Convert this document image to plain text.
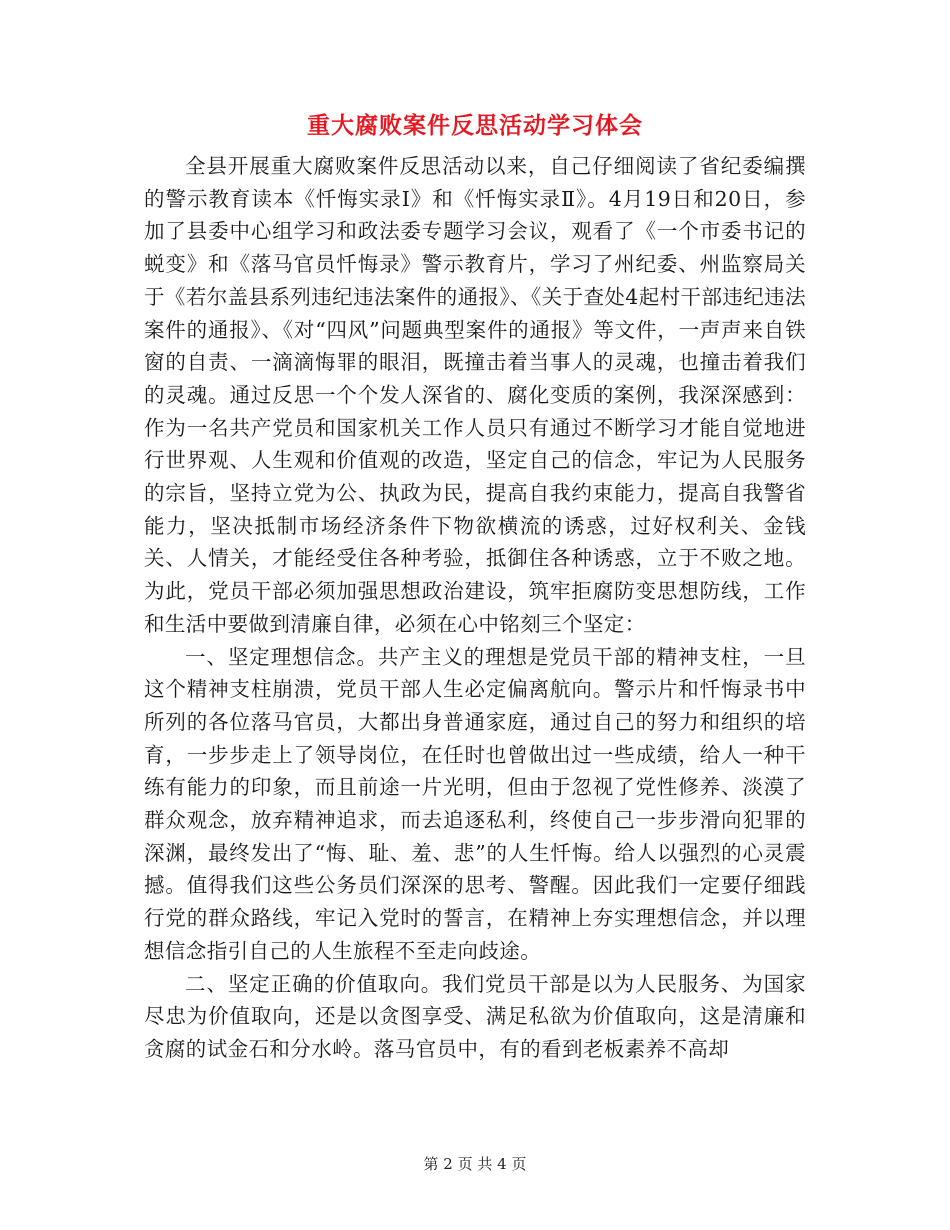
重大腐败案件反思活动学习体会

全县开展重大腐败案件反思活动以来，自己仔细阅读了省纪委编撰的警示教育读本《忏悔实录Ⅰ》和《忏悔实录Ⅱ》。4月19日和20日，参加了县委中心组学习和政法委专题学习会议，观看了《一个市委书记的蜕变》和《落马官员忏悔录》警示教育片，学习了州纪委、州监察局关于《若尔盖县系列违纪违法案件的通报》、《关于查处4起村干部违纪违法案件的通报》、《对“四风”问题典型案件的通报》等文件，一声声来自铁窗的自责、一滴滴悔罪的眼泪，既撞击着当事人的灵魂，也撞击着我们的灵魂。通过反思一个个发人深省的、腐化变质的案例，我深深感到：作为一名共产党员和国家机关工作人员只有通过不断学习才能自觉地进行世界观、人生观和价值观的改造，坚定自己的信念，牢记为人民服务的宗旨，坚持立党为公、执政为民，提高自我约束能力，提高自我警省能力，坚决抵制市场经济条件下物欲横流的诱惑，过好权利关、金钱关、人情关，才能经受住各种考验，抵御住各种诱惑，立于不败之地。为此，党员干部必须加强思想政治建设，筑牢拒腐防变思想防线，工作和生活中要做到清廉自律，必须在心中铭刻三个坚定：

一、坚定理想信念。共产主义的理想是党员干部的精神支柱，一旦这个精神支柱崩溃，党员干部人生必定偏离航向。警示片和忏悔录书中所列的各位落马官员，大都出身普通家庭，通过自己的努力和组织的培育，一步步走上了领导岗位，在任时也曾做出过一些成绩，给人一种干练有能力的印象，而且前途一片光明，但由于忽视了党性修养、淡漠了群众观念，放弃精神追求，而去追逐私利，终使自己一步步滑向犯罪的深渊，最终发出了“悔、耻、羞、悲”的人生忏悔。给人以强烈的心灵震撼。值得我们这些公务员们深深的思考、警醒。因此我们一定要仔细践行党的群众路线，牢记入党时的誓言，在精神上夯实理想信念，并以理想信念指引自己的人生旅程不至走向歧途。

二、坚定正确的价值取向。我们党员干部是以为人民服务、为国家尽忠为价值取向，还是以贪图享受、满足私欲为价值取向，这是清廉和贪腐的试金石和分水岭。落马官员中，有的看到老板素养不高却

第 2 页 共 4 页
